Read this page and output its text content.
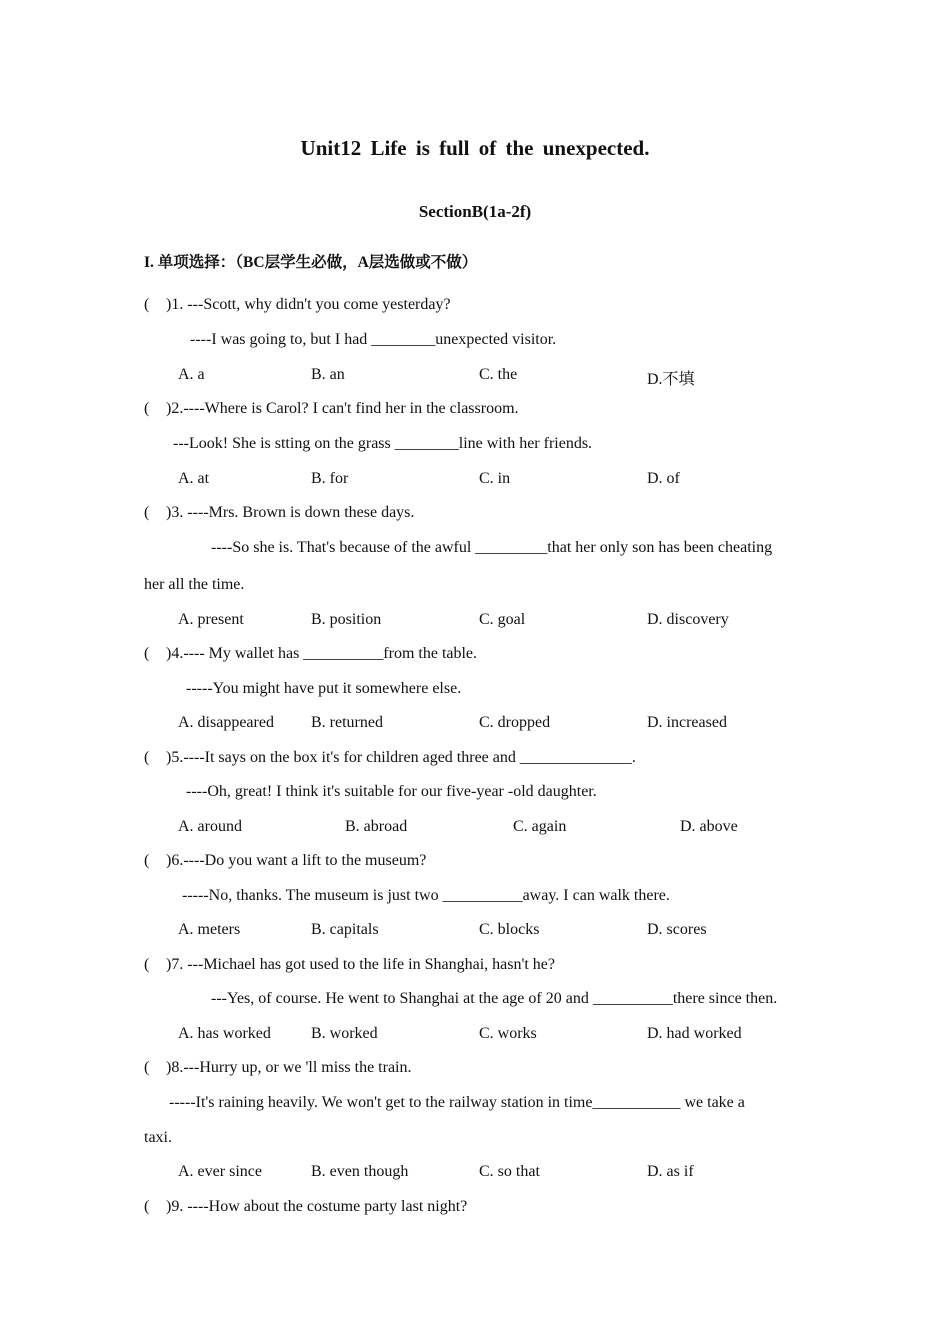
Unit12 Life is full of the unexpected.
SectionB(1a-2f)
I. 单项选择：（BC层学生必做，A层选做或不做）
( )1. ---Scott, why didn't you come yesterday?
----I was going to, but I had ________unexpected visitor.
A. a	B. an	C. the	D.不填
( )2.----Where is Carol? I can't find her in the classroom.
---Look! She is stting on the grass ________line with her friends.
A. at	B. for	C. in	D. of
( )3. ----Mrs. Brown is down these days.
----So she is. That's because of the awful _________that her only son has been cheating
her all the time.
A. present	B. position	C. goal	D. discovery
( )4.---- My wallet has __________from the table.
-----You might have put it somewhere else.
A. disappeared B. returned	C. dropped	D. increased
( )5.----It says on the box it's for children aged three and ______________.
----Oh, great! I think it's suitable for our five-year -old daughter.
A. around	B. abroad	C. again	D. above
( )6.----Do you want a lift to the museum?
-----No, thanks. The museum is just two __________away. I can walk there.
A. meters	B. capitals	C. blocks	D. scores
( )7. ---Michael has got used to the life in Shanghai, hasn't he?
---Yes, of course. He went to Shanghai at the age of 20 and __________there since then.
A. has worked	B. worked	C. works	D. had worked
( )8.---Hurry up, or we 'll miss the train.
-----It's raining heavily. We won't get to the railway station in time___________ we take a
taxi.
A. ever since	B. even though	C. so that	D. as if
( )9. ----How about the costume party last night?
